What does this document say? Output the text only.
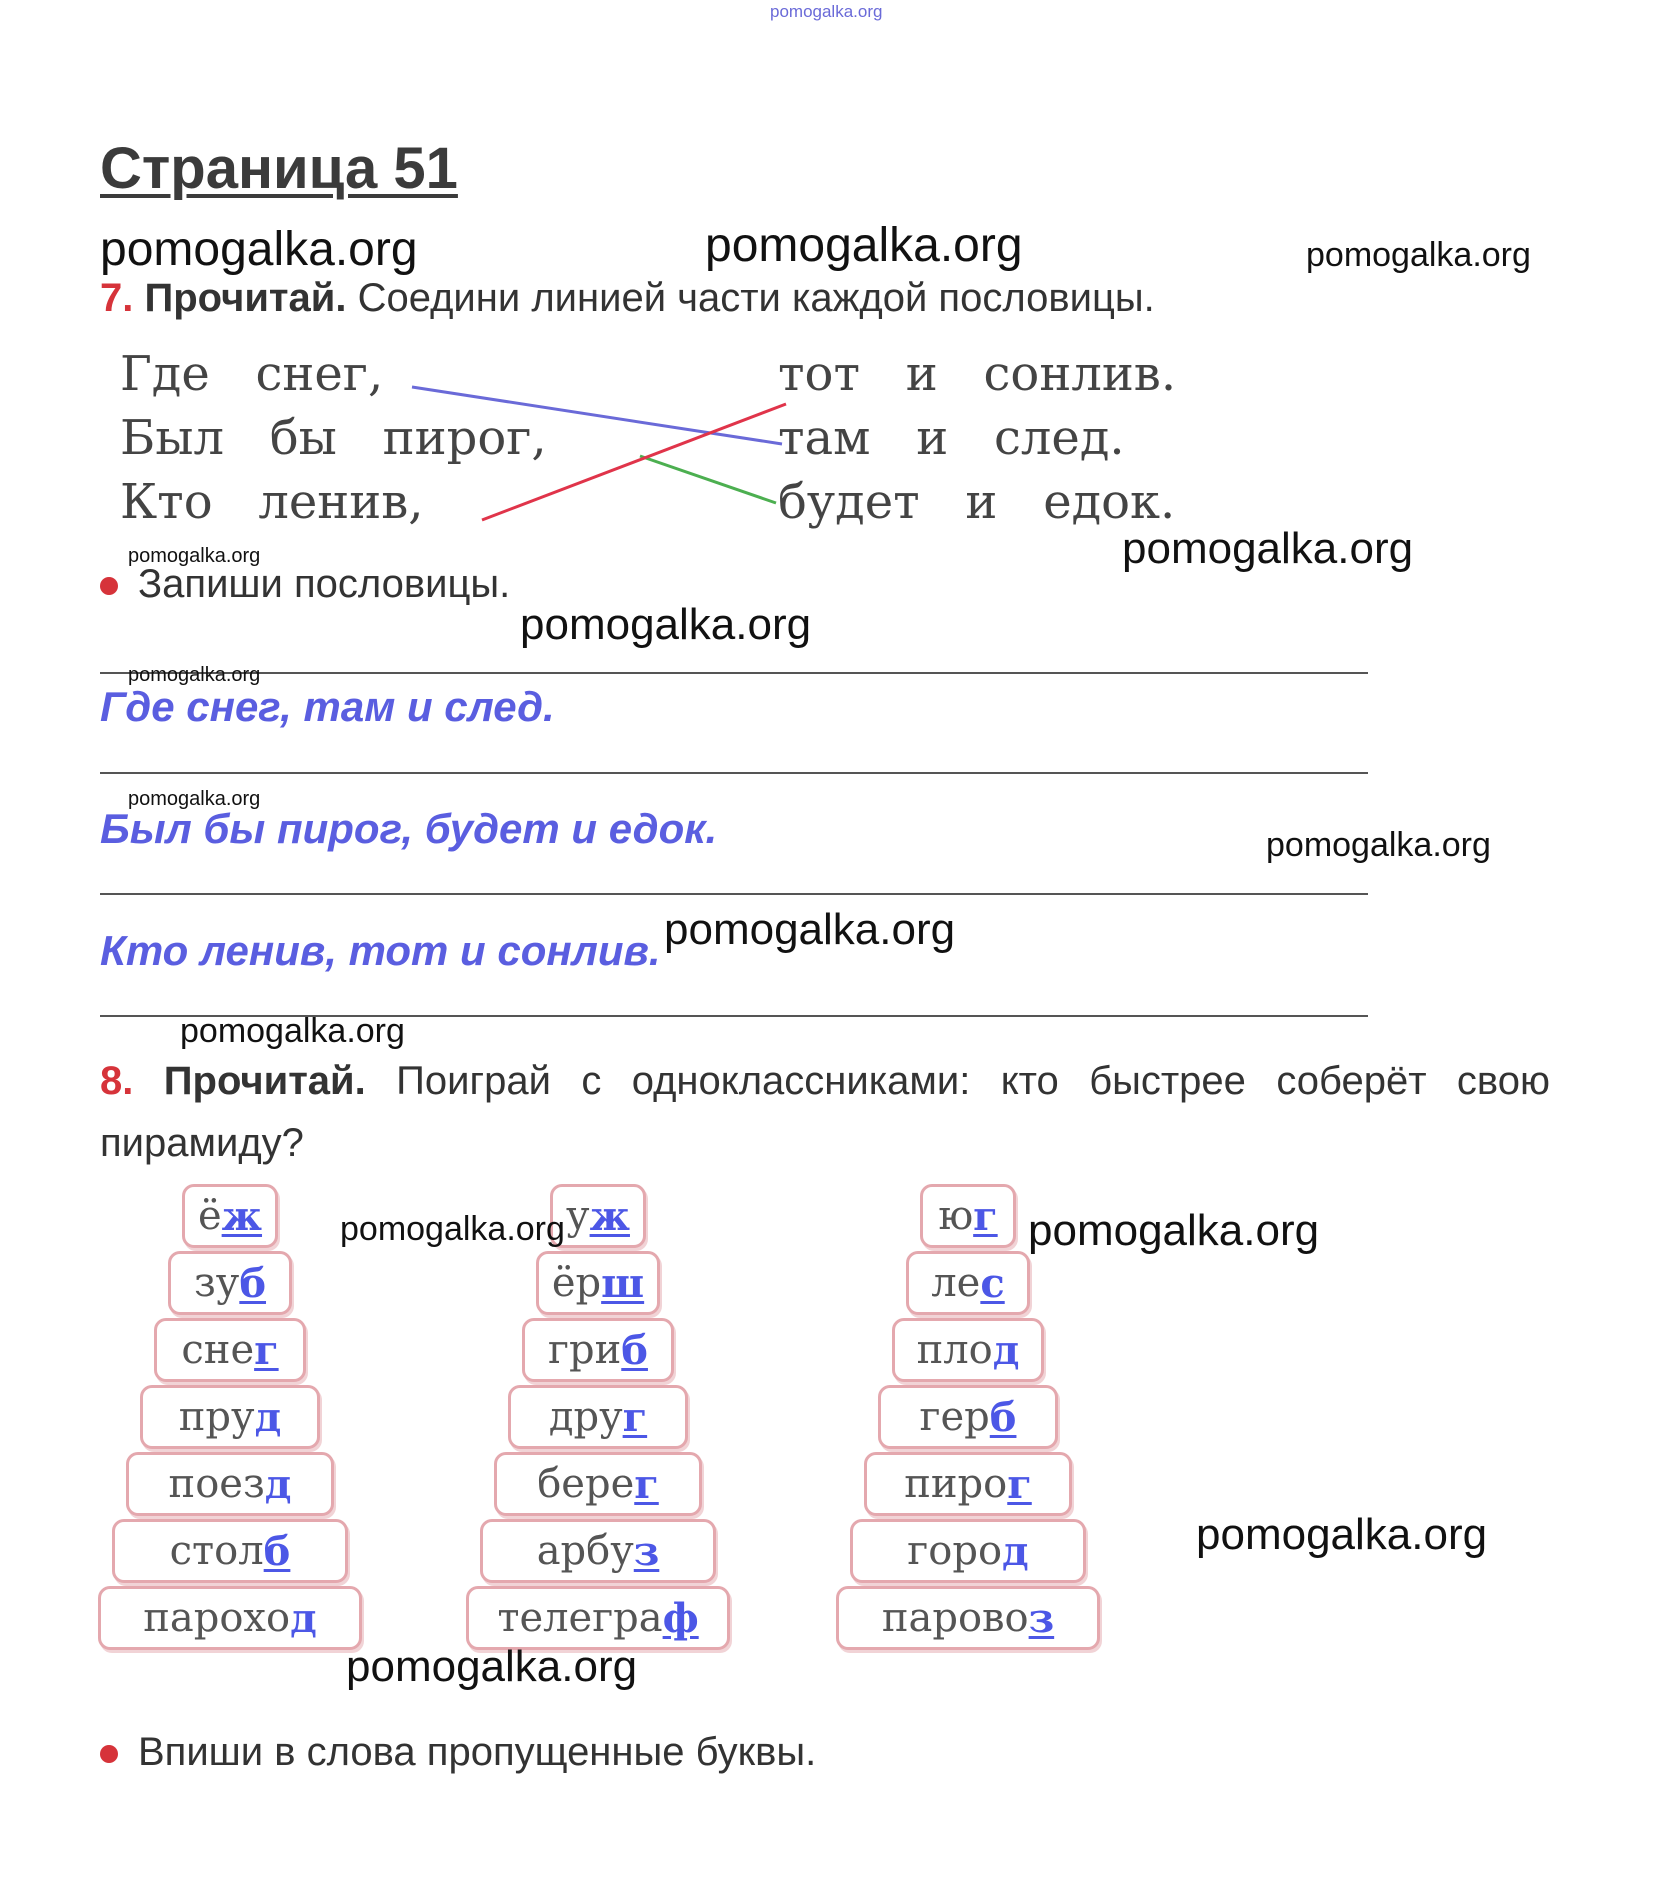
pomogalka.org
Страница 51
pomogalka.org	pomogalka.org	pomogalka.org
7. Прочитай. Соедини линией части каждой пословицы.
Где   снег,
Был   бы   пирог,
Кто   ленив,
тот   и   сонлив.
там   и   след.
будет   и   едок.
pomogalka.org	pomogalka.org
Запиши пословицы.
pomogalka.org
pomogalka.org
Где снег, там и след.
pomogalka.org
Был бы пирог, будет и едок.	pomogalka.org
Кто ленив, тот и сонлив. pomogalka.org
pomogalka.org
8. Прочитай. Поиграй с одноклассниками: кто быстрее соберёт свою пирамиду?
ё ж
зу б
сне г
пру д
поез д
стол б
парохо д
у ж
ёр ш
гри б
дру г
бере г
арбу з
телегра ф
ю г
ле с
пло д
гер б
пиро г
горо д
парово з
pomogalka.org	pomogalka.org
pomogalka.org
pomogalka.org
Впиши в слова пропущенные буквы.
